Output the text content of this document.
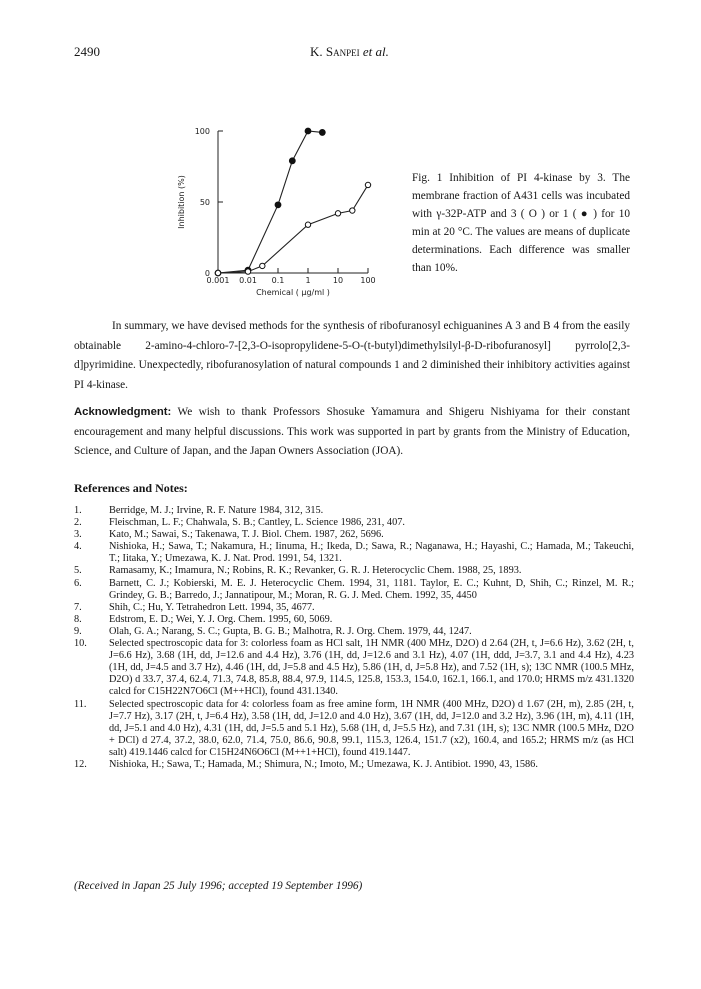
2490	K. Sanpei et al.
0
50
100
0.001 0.01 0.1	1	10 100
Chemical ( μg/ml )
Inhibition (%)	Fig. 1 Inhibition of PI 4-kinase by 3. The membrane fraction of A431 cells was incubated with γ-32P-ATP and 3 ( O ) or 1 ( ● ) for 10 min at 20 °C. The values are means of duplicate determinations. Each difference was smaller than 10%.

In summary, we have devised methods for the synthesis of ribofuranosyl echiguanines A 3 and B 4 from the easily obtainable 2-amino-4-chloro-7-[2,3-O-isopropylidene-5-O-(t-butyl)dimethylsilyl-β-D-ribofuranosyl] pyrrolo[2,3-d]pyrimidine. Unexpectedly, ribofuranosylation of natural compounds 1 and 2 diminished their inhibitory activities against PI 4-kinase.

Acknowledgment: We wish to thank Professors Shosuke Yamamura and Shigeru Nishiyama for their constant encouragement and many helpful discussions. This work was supported in part by grants from the Ministry of Education, Science, and Culture of Japan, and the Japan Owners Association (JOA).
References and Notes:
1.	Berridge, M. J.; Irvine, R. F. Nature 1984, 312, 315.
2.	Fleischman, L. F.; Chahwala, S. B.; Cantley, L. Science 1986, 231, 407.
3.	Kato, M.; Sawai, S.; Takenawa, T. J. Biol. Chem. 1987, 262, 5696.
4.	Nishioka, H.; Sawa, T.; Nakamura, H.; Iinuma, H.; Ikeda, D.; Sawa, R.; Naganawa, H.; Hayashi, C.; Hamada, M.; Takeuchi, T.; Iitaka, Y.; Umezawa, K. J. Nat. Prod. 1991, 54, 1321.
5.	Ramasamy, K.; Imamura, N.; Robins, R. K.; Revanker, G. R. J. Heterocyclic Chem. 1988, 25, 1893.
6.	Barnett, C. J.; Kobierski, M. E. J. Heterocyclic Chem. 1994, 31, 1181. Taylor, E. C.; Kuhnt, D, Shih, C.; Rinzel, M. R.; Grindey, G. B.; Barredo, J.; Jannatipour, M.; Moran, R. G. J. Med. Chem. 1992, 35, 4450
7.	Shih, C.; Hu, Y. Tetrahedron Lett. 1994, 35, 4677.
8.	Edstrom, E. D.; Wei, Y. J. Org. Chem. 1995, 60, 5069.
9.	Olah, G. A.; Narang, S. C.; Gupta, B. G. B.; Malhotra, R. J. Org. Chem. 1979, 44, 1247.
10.	Selected spectroscopic data for 3: colorless foam as HCl salt, 1H NMR (400 MHz, D2O) d 2.64 (2H, t, J=6.6 Hz), 3.62 (2H, t, J=6.6 Hz), 3.68 (1H, dd, J=12.6 and 4.4 Hz), 3.76 (1H, dd, J=12.6 and 3.1 Hz), 4.07 (1H, ddd, J=3.7, 3.1 and 4.4 Hz), 4.23 (1H, dd, J=4.5 and 3.7 Hz), 4.46 (1H, dd, J=5.8 and 4.5 Hz), 5.86 (1H, d, J=5.8 Hz), and 7.52 (1H, s); 13C NMR (100.5 MHz, D2O) d 33.7, 37.4, 62.4, 71.3, 74.8, 85.8, 88.4, 97.9, 114.5, 125.8, 153.3, 154.0, 162.1, 166.1, and 170.0; HRMS m/z 431.1320 calcd for C15H22N7O6Cl (M++HCl), found 431.1340.
11.	Selected spectroscopic data for 4: colorless foam as free amine form, 1H NMR (400 MHz, D2O) d 1.67 (2H, m), 2.85 (2H, t, J=7.7 Hz), 3.17 (2H, t, J=6.4 Hz), 3.58 (1H, dd, J=12.0 and 4.0 Hz), 3.67 (1H, dd, J=12.0 and 3.2 Hz), 3.96 (1H, m), 4.11 (1H, dd, J=5.1 and 4.0 Hz), 4.31 (1H, dd, J=5.5 and 5.1 Hz), 5.68 (1H, d, J=5.5 Hz), and 7.31 (1H, s); 13C NMR (100.5 MHz, D2O + DCl) d 27.4, 37.2, 38.0, 62.0, 71.4, 75.0, 86.6, 90.8, 99.1, 115.3, 126.4, 151.7 (x2), 160.4, and 165.2; HRMS m/z (as HCl salt) 419.1446 calcd for C15H24N6O6Cl (M++1+HCl), found 419.1447.
12.	Nishioka, H.; Sawa, T.; Hamada, M.; Shimura, N.; Imoto, M.; Umezawa, K. J. Antibiot. 1990, 43, 1586.
(Received in Japan 25 July 1996; accepted 19 September 1996)
